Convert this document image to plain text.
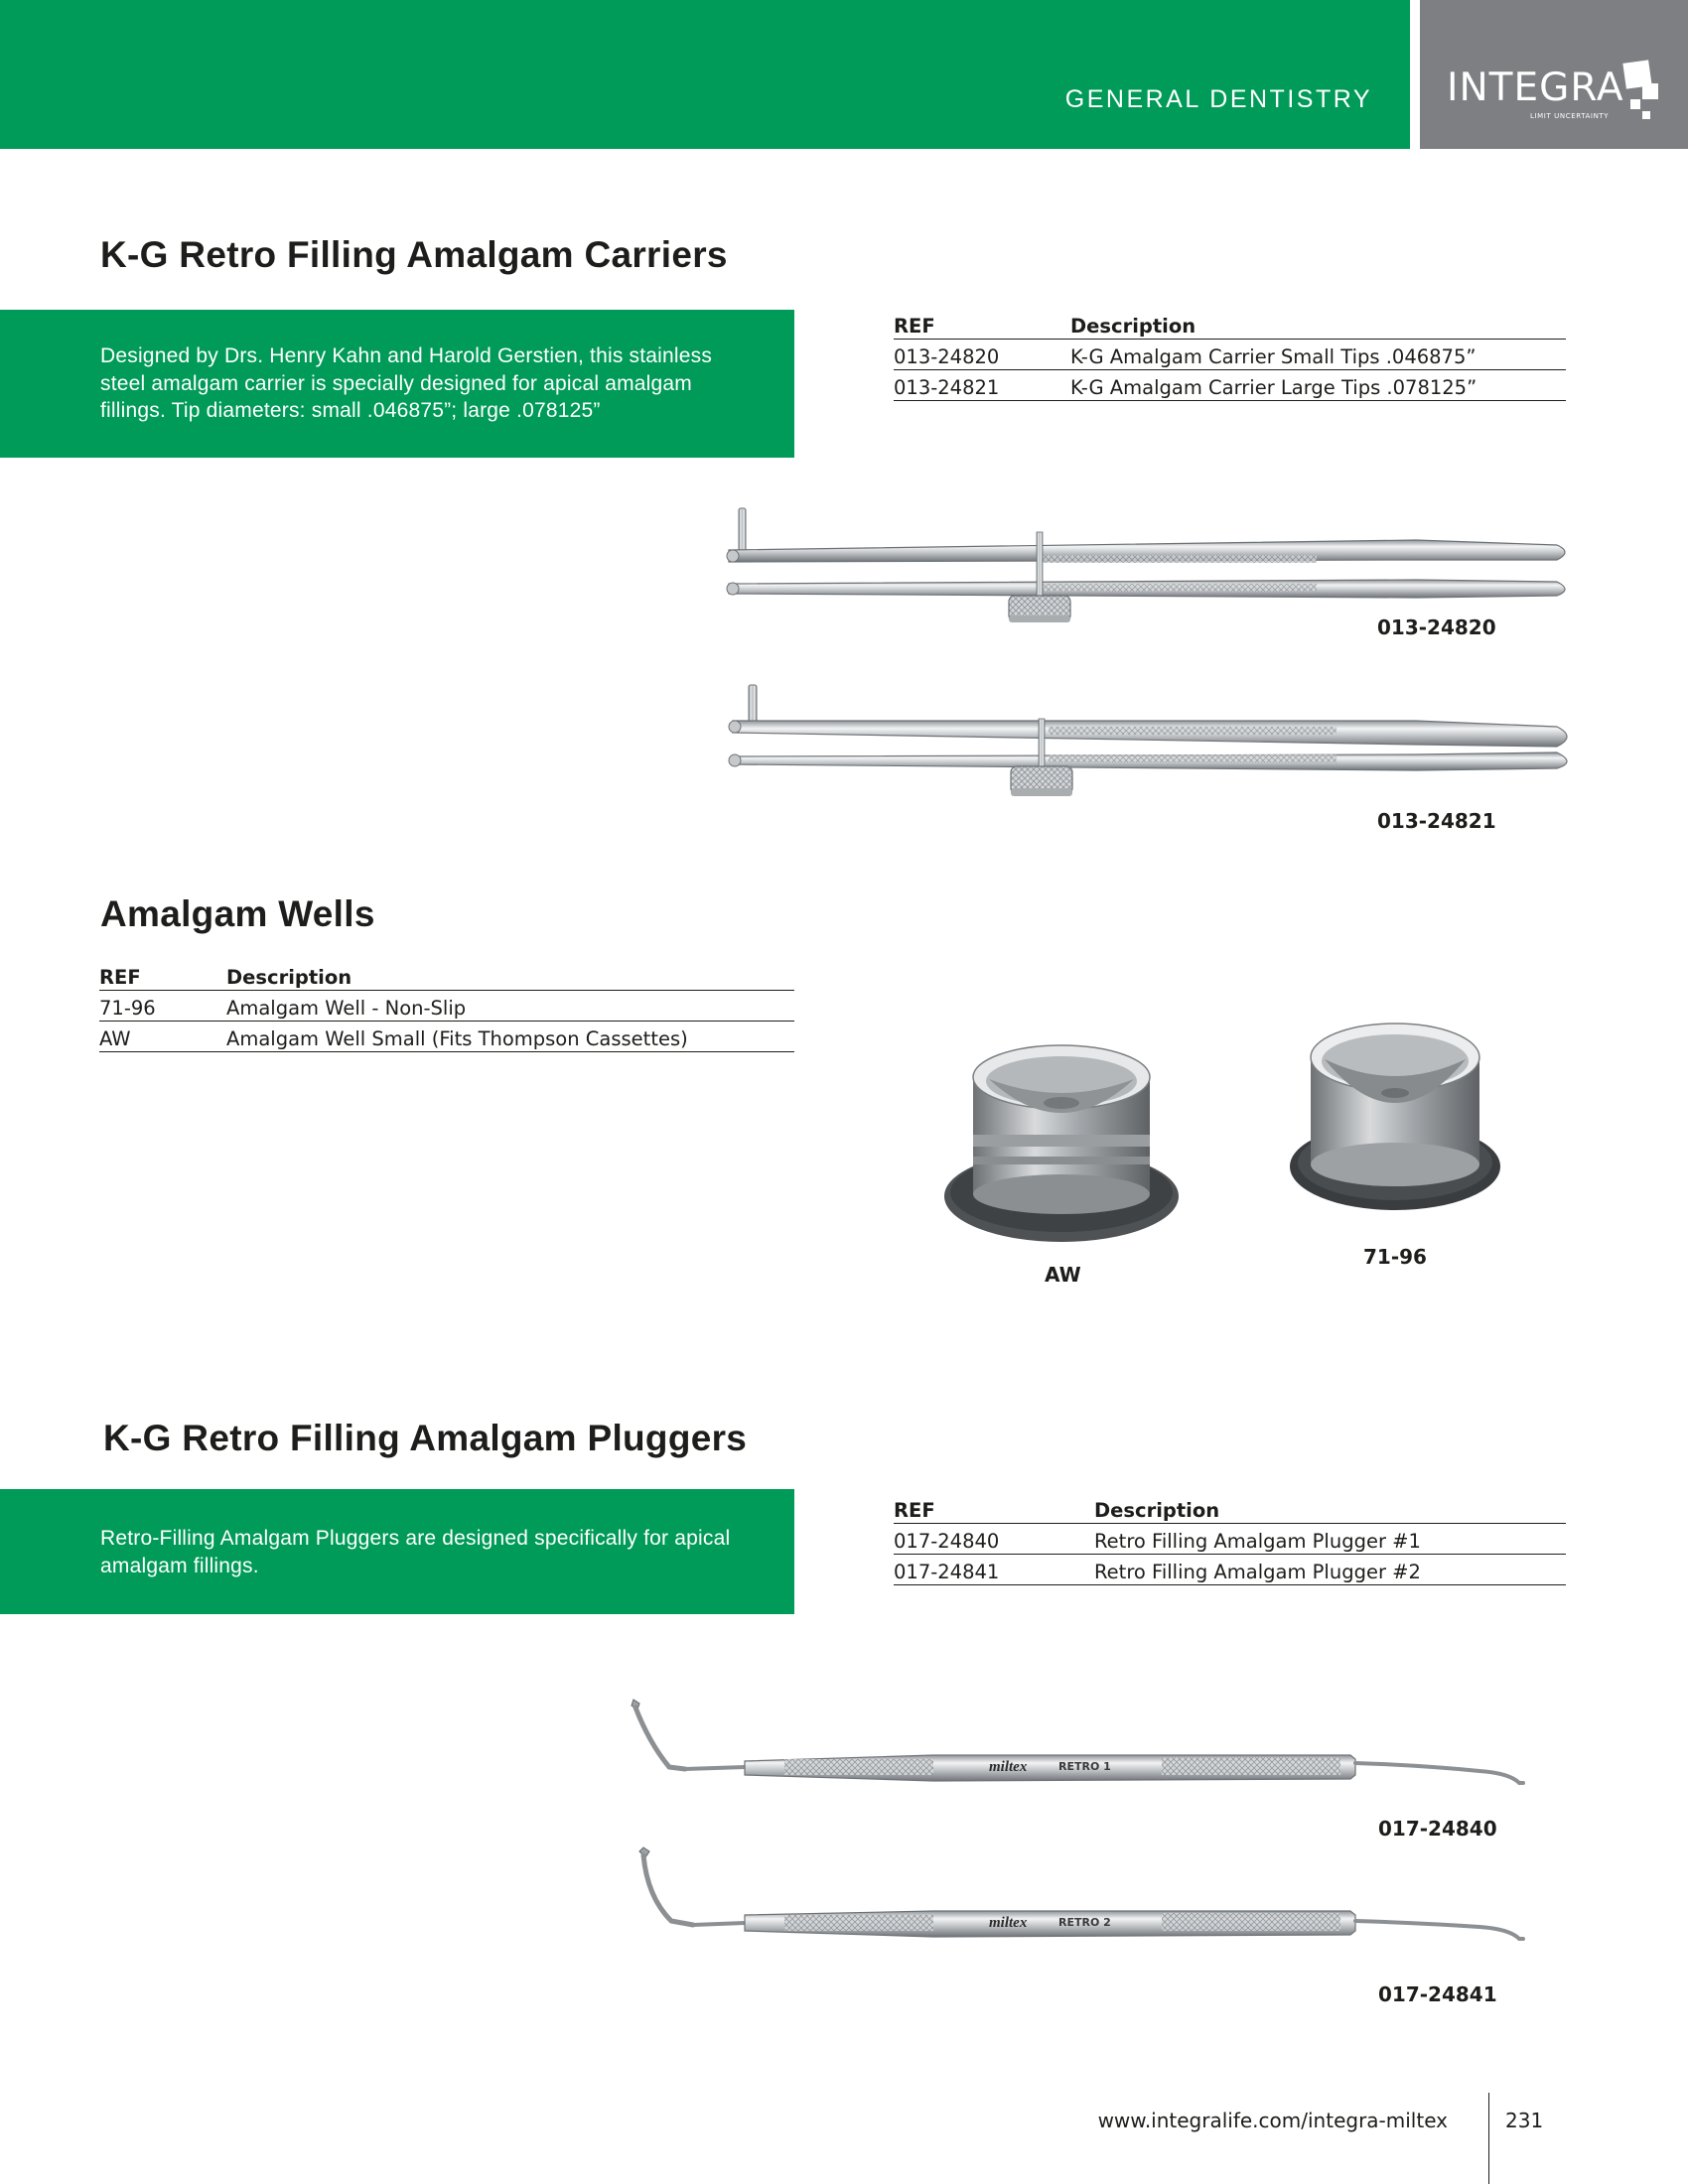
GENERAL DENTISTRY INTEGRA
LIMIT UNCERTAINTY
K-G Retro Filling Amalgam Carriers

Designed by Drs. Henry Kahn and Harold Gerstien, this stainless steel amalgam carrier is specially designed for apical amalgam fillings. Tip diameters: small .046875”; large .078125”

REF	Description
013-24820	K-G Amalgam Carrier Small Tips .046875”
013-24821	K-G Amalgam Carrier Large Tips .078125”
013-24820
013-24821
Amalgam Wells
REF	Description
71-96	Amalgam Well - Non-Slip
AW	Amalgam Well Small (Fits Thompson Cassettes)
AW
71-96
K-G Retro Filling Amalgam Pluggers

Retro-Filling Amalgam Pluggers are designed specifically for apical amalgam fillings.

REF	Description
017-24840	Retro Filling Amalgam Plugger #1
017-24841	Retro Filling Amalgam Plugger #2
miltex	RETRO 1
017-24840
miltex	RETRO 2
017-24841
www.integralife.com/integra-miltex	231
